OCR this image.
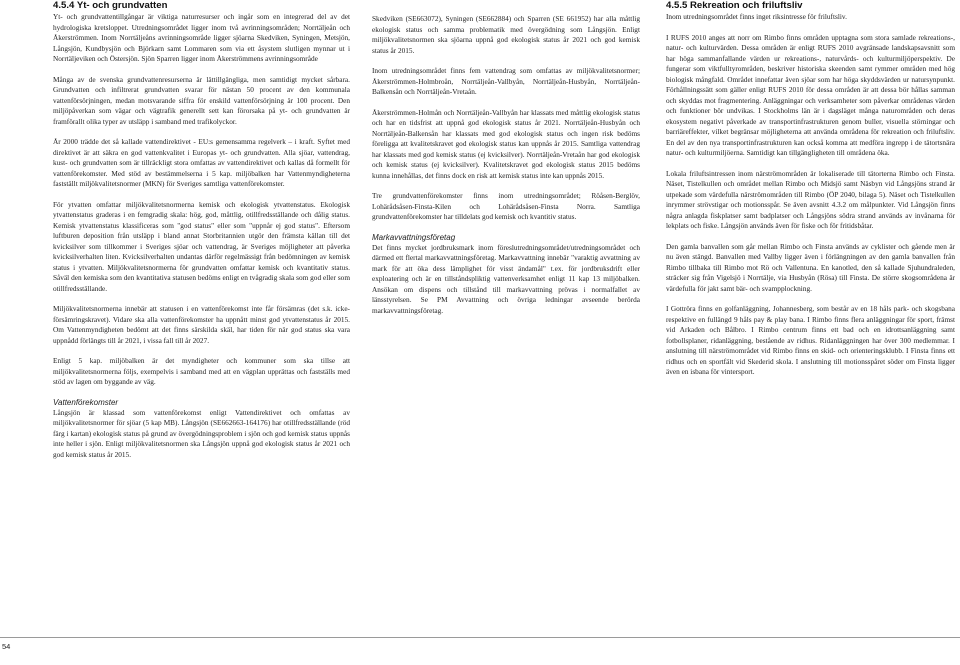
4.5.4 Yt- och grundvatten

Yt- och grundvattentillgångar är viktiga naturresurser och ingår som en integrerad del av det hydrologiska kretsloppet. Utredningsområdet ligger inom två avrinningsområden; Norrtäljeån och Åkerströmmen. Inom Norrtäljeåns avrinningsområde ligger sjöarna Skedviken, Syningen, Metsjön, Långsjön, Kundbysjön och Björkarn samt Lommaren som via ett åsystem slutligen mynnar ut i Norrtäljeviken och Östersjön. Sjön Sparren ligger inom Åkerströmmens avrinningsområde

Många av de svenska grundvattenresurserna är lättillgängliga, men samtidigt mycket sårbara. Grundvatten och infiltrerat grundvatten svarar för nästan 50 procent av den kommunala vattenförsörjningen, medan motsvarande siffra för enskild vattenförsörjning är 100 procent. Den miljöpåverkan som vägar och vägtrafik generellt sett kan förorsaka på yt- och grundvatten är framförallt olika typer av utsläpp i samband med trafikolyckor.

År 2000 trädde det så kallade vattendirektivet - EU:s gemensamma regelverk – i kraft. Syftet med direktivet är att säkra en god vattenkvalitet i Europas yt- och grundvatten. Alla sjöar, vattendrag, kust- och grundvatten som är tillräckligt stora omfattas av vattendirektivet och kallas då formellt för vattenförekomster. Med stöd av bestämmelserna i 5 kap. miljöbalken har Vattenmyndigheterna fastställt miljökvalitetsnormer (MKN) för Sveriges samtliga vattenförekomster.

För ytvatten omfattar miljökvalitetsnormerna kemisk och ekologisk ytvattenstatus. Ekologisk ytvattenstatus graderas i en femgradig skala: hög, god, måttlig, otillfredsställande och dålig status. Kemisk ytvattenstatus klassificeras som "god status" eller som "uppnår ej god status". Eftersom luftburen deposition från utsläpp i bland annat Storbritannien utgör den främsta källan till det kvicksilver som tillkommer i Sveriges sjöar och vattendrag, är Sveriges möjligheter att påverka kvicksilverhalten liten. Kvicksilverhalten undantas därför regelmässigt från bedömningen av kemisk status i ytvatten. Miljökvalitetsnormerna för grundvatten omfattar kemisk och kvantitativ status. Såväl den kemiska som den kvantitativa statusen bedöms enligt en tvågradig skala som god eller som otillfredsställande.

Miljökvalitetsnormerna innebär att statusen i en vattenförekomst inte får försämras (det s.k. icke-försämringskravet). Vidare ska alla vattenförekomster ha uppnått minst god ytvattenstatus år 2015. Om Vattenmyndigheten bedömt att det finns särskilda skäl, har tiden för när god status ska vara uppnådd förlängts till år 2021, i vissa fall till år 2027.

Enligt 5 kap. miljöbalken är det myndigheter och kommuner som ska tillse att miljökvalitetsnormerna följs, exempelvis i samband med att en vägplan upprättas och fastställs med stöd av lagen om byggande av väg.

Vattenförekomster

Långsjön är klassad som vattenförekomst enligt Vattendirektivet och omfattas av miljökvalitetsnormer för sjöar (5 kap MB). Långsjön (SE662663-164176) har otillfredsställande (röd färg i kartan) ekologisk status på grund av övergödningsproblem i sjön och god kemisk status uppnås inte heller i sjön. Enligt miljökvalitetsnormen ska Långsjön uppnå god ekologisk status år 2021 och god kemisk status år 2015.

Skedviken (SE663072), Syningen (SE662884) och Sparren (SE 661952) har alla måttlig ekologisk status och samma problematik med övergödning som Långsjön. Enligt miljökvalitetsnormen ska sjöarna uppnå god ekologisk status år 2021 och god kemisk status år 2015.

Inom utredningsområdet finns fem vattendrag som omfattas av miljökvalitetsnormer; Åkerströmmen-Holmbroån, Norrtäljeån-Vallbyån, Norrtäljeån-Husbyån, Norrtäljeån-Balkensån och Norrtäljeån-Vretaån.

Åkerströmmen-Holmån och Norrtäljeån-Vallbyån har klassats med måttlig ekologisk status och har en tidsfrist att uppnå god ekologisk status år 2021. Norrtäljeån-Husbyån och Norrtäljeån-Balkensån har klassats med god ekologisk status och ingen risk bedöms föreligga att kvalitetskravet god ekologisk status kan uppnås år 2015. Samtliga vattendrag har klassats med god kemisk status (ej kvicksilver). Norrtäljeån-Vretaån har god ekologisk och kemisk status (ej kvicksilver). Kvalitetskravet god ekologisk status 2015 bedöms kunna innehållas, det finns dock en risk att kemisk status inte kan uppnås 2015.

Tre grundvattenförekomster finns inom utredningsområdet; Röåsen-Berglöv, Lohärådsåsen-Finsta-Kilen och Lohärådsåsen-Finsta Norra. Samtliga grundvattenförekomster har tilldelats god kemisk och kvantitiv status.

Markavvattningsföretag

Det finns mycket jordbruksmark inom föreslutredningsområdet/utredningsområdet och därmed ett flertal markavvattningsföretag. Markavvattning innebär "varaktig avvattning av mark för att öka dess lämplighet för visst ändamål" t.ex. för jordbruksdrift eller exploatering och är en tillståndspliktig vattenverksamhet enligt 11 kap 13 miljöbalken. Ansökan om dispens och tillstånd till markavvattning prövas i normalfallet av länsstyrelsen. Se PM Avvattning och övriga ledningar avseende berörda markavvattningsföretag.

4.5.5 Rekreation och friluftsliv

Inom utredningsområdet finns inget riksintresse för friluftsliv.

I RUFS 2010 anges att norr om Rimbo finns områden upptagna som stora samlade rekreations-, natur- och kulturvärden. Dessa områden är enligt RUFS 2010 avgränsade landskapsavsnitt som har höga sammanfallande värden ur rekreations-, naturvårds- och kulturmiljöperspektiv. De fungerar som viktfulltyrområden, beskriver historiska skeenden samt rymmer områden med hög biologisk mångfald. Området innefattar även sjöar som har höga skyddsvärden ur natursynpunkt. Förhållningssätt som gäller enligt RUFS 2010 för dessa områden är att dessa bör hållas samman och skyddas mot fragmentering. Anläggningar och verksamheter som påverkar områdenas värden och funktioner bör undvikas. I Stockholms län är i dagsläget många naturområden och deras ekosystem negativt påverkade av transportinfrastrukturen genom buller, visuella störningar och barriäreffekter, vilket begränsar möjligheterna att använda områdena för rekreation och friluftsliv. En del av den nya transportinfrastrukturen kan också komma att medföra ingrepp i de tätortsnära natur- och kulturmiljöerna. Samtidigt kan tillgängligheten till områdena öka.

Lokala friluftsintressen inom närströmområden är lokaliserade till tätorterna Rimbo och Finsta. Näset, Tistelkullen och området mellan Rimbo och Midsjö samt Näsbyn vid Långsjöns strand är utpekade som värdefulla närströmområden till Rimbo (ÖP 2040, bilaga 5). Näset och Tistelkullen inrymmer strövstigar och motionsspår. Se även avsnitt 4.3.2 om målpunkter. Vid Långsjön finns några anlagda fiskplatser samt badplatser och Långsjöns södra strand används av invånarna för lekplats och fiske. Långsjön används även för fiske och för fritidsbåtar.

Den gamla banvallen som går mellan Rimbo och Finsta används av cyklister och gående men är nu även stängd. Banvallen med Vallby ligger även i förlängningen av den gamla banvallen från Rimbo tillbaka till Rimbo mot Rö och Vallentuna. En kanotled, den så kallade Sjuhundraleden, sträcker sig från Vigelsjö i Norrtälje, via Husbyån (Rösa) till Finsta. De större skogsområdena är värdefulla för jakt samt bär- och svampplockning.

I Gottröra finns en golfanläggning, Johannesberg, som består av en 18 håls park- och skogsbana respektive en fullängd 9 håls pay & play bana. I Rimbo finns flera anläggningar för sport, främst vid Arkaden och Bålbro. I Rimbo centrum finns ett bad och en idrottsanläggning samt fotbollsplaner, ridanläggning, bestående av ridhus. Ridanläggningen har över 300 medlemmar. I anslutning till närströmområdet vid Rimbo finns en skid- och orienteringsklubb. I Finsta finns ett ridhus och en sportfält vid Skederid skola. I anslutning till motionsspåret söder om Finsta ligger även en isbana för vintersport.

54
